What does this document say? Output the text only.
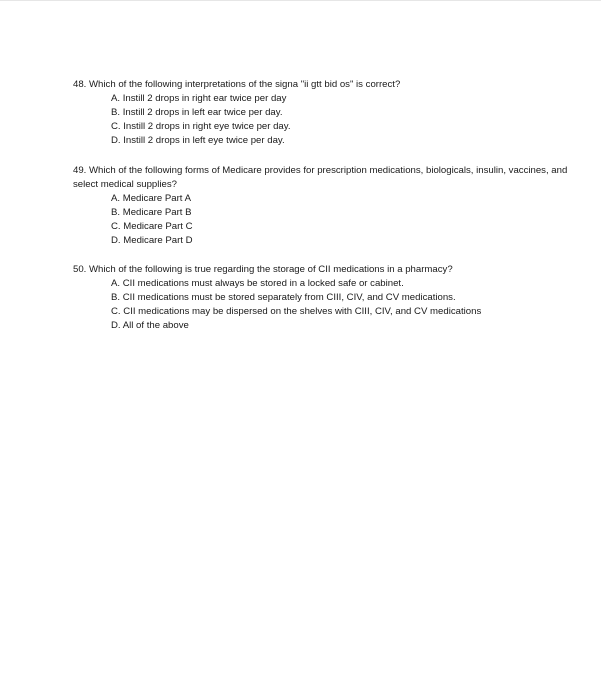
48. Which of the following interpretations of the signa "ii gtt bid os" is correct?

A. Instill 2 drops in right ear twice per day
B. Instill 2 drops in left ear twice per day.
C. Instill 2 drops in right eye twice per day.
D. Instill 2 drops in left eye twice per day.

49. Which of the following forms of Medicare provides for prescription medications, biologicals, insulin, vaccines, and select medical supplies?

A. Medicare Part A
B. Medicare Part B
C. Medicare Part C
D. Medicare Part D

50. Which of the following is true regarding the storage of CII medications in a pharmacy?

A. CII medications must always be stored in a locked safe or cabinet.
B. CII medications must be stored separately from CIII, CIV, and CV medications.
C. CII medications may be dispersed on the shelves with CIII, CIV, and CV medications
D. All of the above
